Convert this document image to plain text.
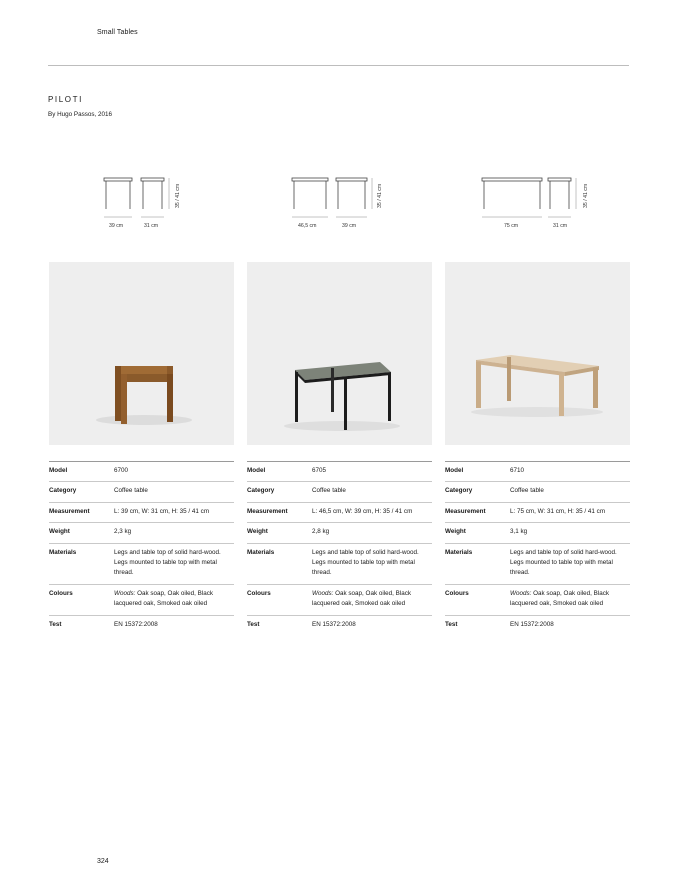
Small Tables
PILOTI
By Hugo Passos, 2016
39 cm	31 cm
35 / 41 cm
46,5 cm	39 cm
35 / 41 cm
75 cm	31 cm
35 / 41 cm
Model	6700
Category	Coffee table
Measurement	L: 39 cm, W: 31 cm, H: 35 / 41 cm
Weight	2,3 kg
Materials	Legs and table top of solid hard-wood. Legs mounted to table top with metal thread.
Colours	Woods: Oak soap, Oak oiled, Black lacquered oak, Smoked oak oiled
Test	EN 15372:2008
Model	6705
Category	Coffee table
Measurement	L: 46,5 cm, W: 39 cm, H: 35 / 41 cm
Weight	2,8 kg
Materials	Legs and table top of solid hard-wood. Legs mounted to table top with metal thread.
Colours	Woods: Oak soap, Oak oiled, Black lacquered oak, Smoked oak oiled
Test	EN 15372:2008
Model	6710
Category	Coffee table
Measurement	L: 75 cm, W: 31 cm, H: 35 / 41 cm
Weight	3,1 kg
Materials	Legs and table top of solid hard-wood. Legs mounted to table top with metal thread.
Colours	Woods: Oak soap, Oak oiled, Black lacquered oak, Smoked oak oiled
Test	EN 15372:2008
324
